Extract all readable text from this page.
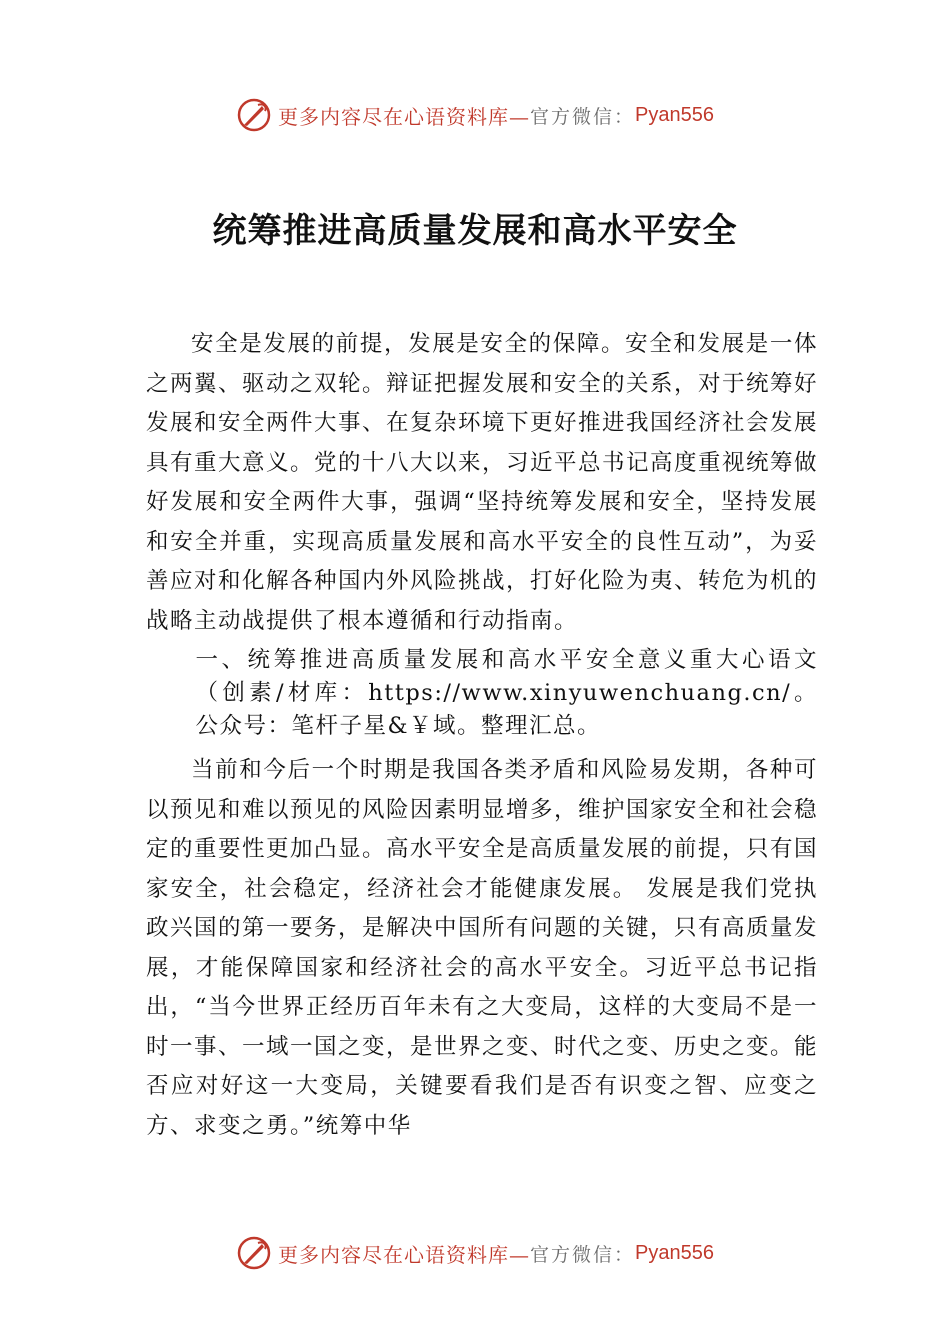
更多内容尽在心语资料库— 官方微信： Pyan556
统筹推进高质量发展和高水平安全

安全是发展的前提，发展是安全的保障。安全和发展是一体之两翼、驱动之双轮。辩证把握发展和安全的关系，对于统筹好发展和安全两件大事、在复杂环境下更好推进我国经济社会发展具有重大意义。党的十八大以来，习近平总书记高度重视统筹做好发展和安全两件大事，强调“坚持统筹发展和安全，坚持发展和安全并重，实现高质量发展和高水平安全的良性互动”，为妥善应对和化解各种国内外风险挑战，打好化险为夷、转危为机的战略主动战提供了根本遵循和行动指南。

一、统筹推进高质量发展和高水平安全意义重大心语文（创素/材库：https://www.xinyuwenchuang.cn/。公众号：笔杆子星&￥域。整理汇总。

当前和今后一个时期是我国各类矛盾和风险易发期，各种可以预见和难以预见的风险因素明显增多，维护国家安全和社会稳定的重要性更加凸显。高水平安全是高质量发展的前提，只有国家安全，社会稳定，经济社会才能健康发展。 发展是我们党执政兴国的第一要务，是解决中国所有问题的关键，只有高质量发展，才能保障国家和经济社会的高水平安全。习近平总书记指出，“当今世界正经历百年未有之大变局，这样的大变局不是一时一事、一域一国之变，是世界之变、时代之变、历史之变。能否应对好这一大变局，关键要看我们是否有识变之智、应变之方、求变之勇。”统筹中华

更多内容尽在心语资料库— 官方微信： Pyan556
